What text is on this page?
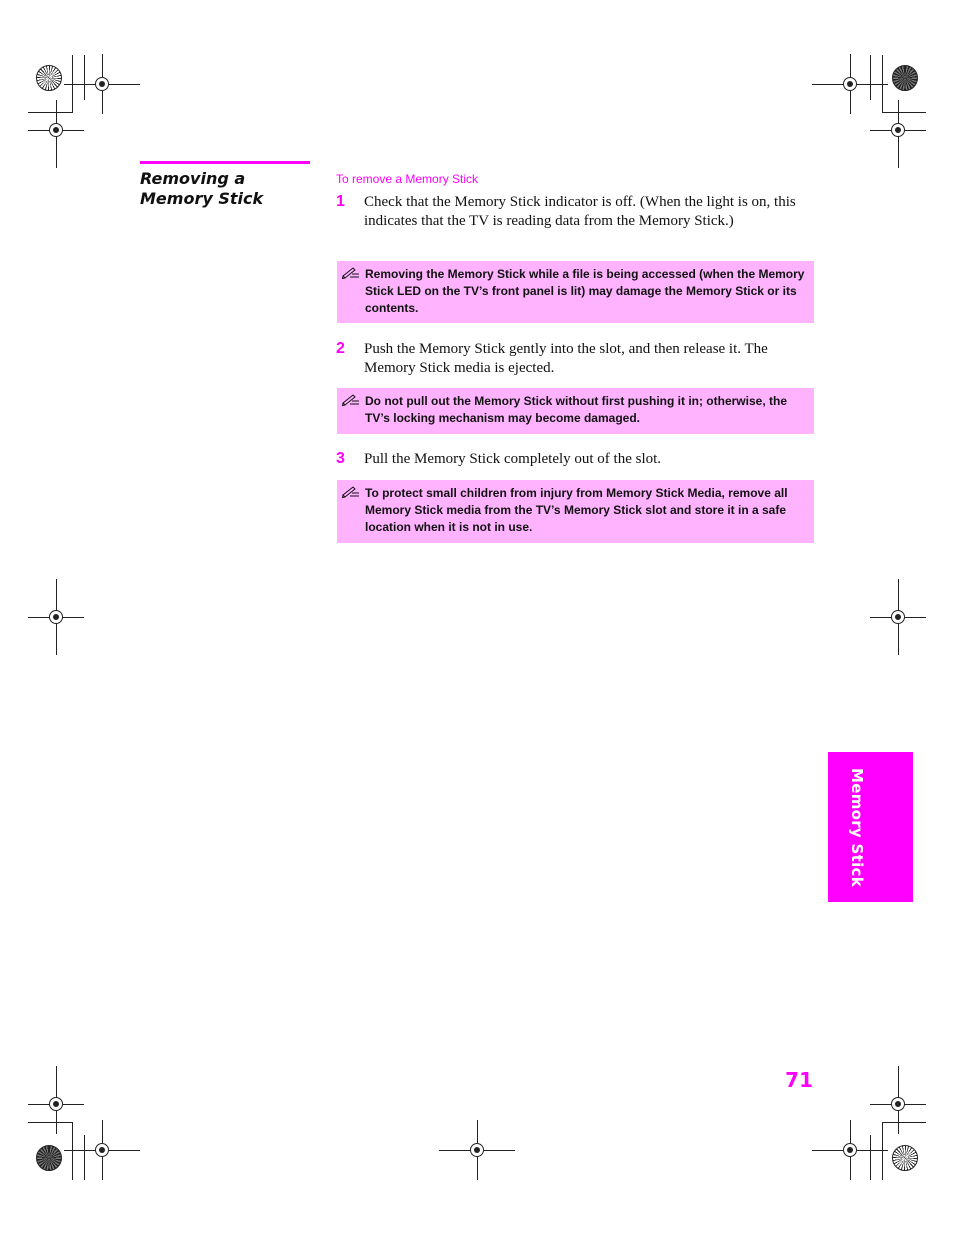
Removing a
Memory Stick
To remove a Memory Stick
1 Check that the Memory Stick indicator is off. (When the light is on, this indicates that the TV is reading data from the Memory Stick.)
Removing the Memory Stick while a file is being accessed (when the Memory Stick LED on the TV’s front panel is lit) may damage the Memory Stick or its contents.
2 Push the Memory Stick gently into the slot, and then release it. The Memory Stick media is ejected.
Do not pull out the Memory Stick without first pushing it in; otherwise, the TV’s locking mechanism may become damaged.
3 Pull the Memory Stick completely out of the slot.
To protect small children from injury from Memory Stick Media, remove all Memory Stick media from the TV’s Memory Stick slot and store it in a safe location when it is not in use.
Memory Stick
71
